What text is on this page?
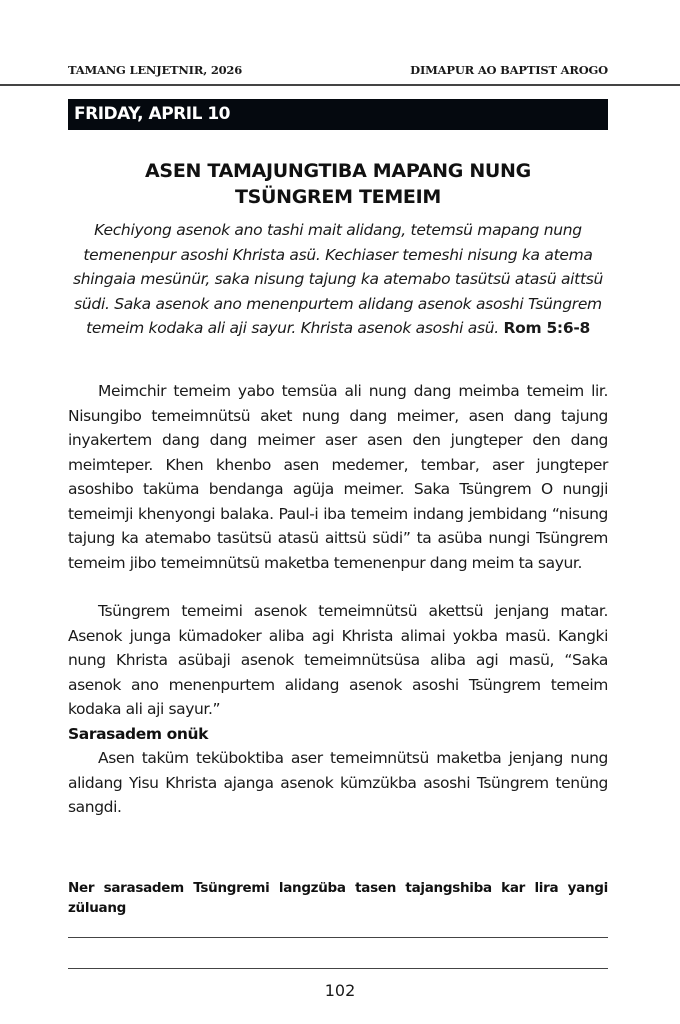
TAMANG LENJETNIR, 2026	DIMAPUR AO BAPTIST AROGO
FRIDAY, APRIL 10
ASEN TAMAJUNGTIBA MAPANG NUNG
TSÜNGREM TEMEIM
Kechiyong asenok ano tashi mait alidang, tetemsü mapang nung temenenpur asoshi Khrista asü. Kechiaser temeshi nisung ka atema shingaia mesünür, saka nisung tajung ka atemabo tasütsü atasü aittsü südi. Saka asenok ano menenpurtem alidang asenok asoshi Tsüngrem temeim kodaka ali aji sayur. Khrista asenok asoshi asü. Rom 5:6-8

Meimchir temeim yabo temsüa ali nung dang meimba temeim lir. Nisungibo temeimnütsü aket nung dang meimer, asen dang tajung inyakertem dang dang meimer aser asen den jungteper den dang meimteper. Khen khenbo asen medemer, tembar, aser jungteper asoshibo taküma bendanga agüja meimer. Saka Tsüngrem O nungji temeimji khenyongi balaka. Paul-i iba temeim indang jembidang “nisung tajung ka atemabo tasütsü atasü aittsü südi” ta asüba nungi Tsüngrem temeim jibo temeimnütsü maketba temenenpur dang meim ta sayur.

Tsüngrem temeimi asenok temeimnütsü akettsü jenjang matar. Asenok junga kümadoker aliba agi Khrista alimai yokba masü. Kangki nung Khrista asübaji asenok temeimnütsüsa aliba agi masü, “Saka asenok ano menenpurtem alidang asenok asoshi Tsüngrem temeim kodaka ali aji sayur.”

Sarasadem onük

Asen taküm teküboktiba aser temeimnütsü maketba jenjang nung alidang Yisu Khrista ajanga asenok kümzükba asoshi Tsüngrem tenüng sangdi.

Ner sarasadem Tsüngremi langzüba tasen tajangshiba kar lira yangi züluang
102
